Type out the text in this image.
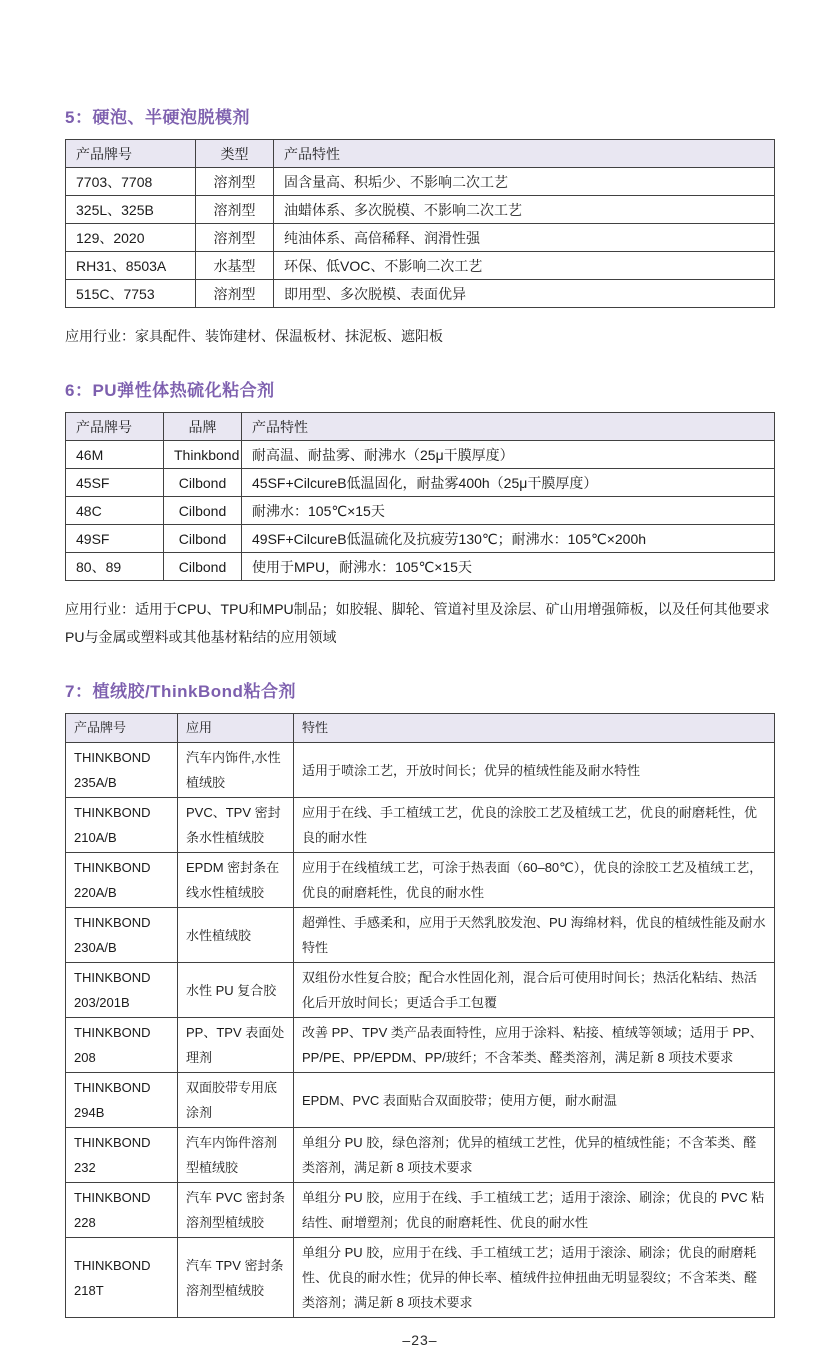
5：硬泡、半硬泡脱模剂
产品牌号	类型	产品特性
7703、7708	溶剂型	固含量高、积垢少、不影响二次工艺
325L、325B	溶剂型	油蜡体系、多次脱模、不影响二次工艺
129、2020	溶剂型	纯油体系、高倍稀释、润滑性强
RH31、8503A	水基型	环保、低VOC、不影响二次工艺
515C、7753	溶剂型	即用型、多次脱模、表面优异

应用行业：家具配件、装饰建材、保温板材、抹泥板、遮阳板

6：PU弹性体热硫化粘合剂
产品牌号	品牌	产品特性
46M	Thinkbond	耐高温、耐盐雾、耐沸水（25μ干膜厚度）
45SF	Cilbond	45SF+CilcureB低温固化，耐盐雾400h（25μ干膜厚度）
48C	Cilbond	耐沸水：105℃×15天
49SF	Cilbond	49SF+CilcureB低温硫化及抗疲劳130℃；耐沸水：105℃×200h
80、89	Cilbond	使用于MPU，耐沸水：105℃×15天

应用行业：适用于CPU、TPU和MPU制品；如胶辊、脚轮、管道衬里及涂层、矿山用增强筛板，以及任何其他要求PU与金属或塑料或其他基材粘结的应用领域

7：植绒胶/ThinkBond粘合剂
产品牌号	应用	特性
THINKBOND 235A/B	汽车内饰件,水性植绒胶	适用于喷涂工艺，开放时间长；优异的植绒性能及耐水特性
THINKBOND 210A/B	PVC、TPV 密封条水性植绒胶	应用于在线、手工植绒工艺，优良的涂胶工艺及植绒工艺，优良的耐磨耗性，优良的耐水性
THINKBOND 220A/B	EPDM 密封条在线水性植绒胶	应用于在线植绒工艺，可涂于热表面（60–80℃），优良的涂胶工艺及植绒工艺，优良的耐磨耗性，优良的耐水性
THINKBOND 230A/B	水性植绒胶	超弹性、手感柔和，应用于天然乳胶发泡、PU 海绵材料，优良的植绒性能及耐水特性
THINKBOND 203/201B	水性 PU 复合胶	双组份水性复合胶；配合水性固化剂，混合后可使用时间长；热活化粘结、热活化后开放时间长；更适合手工包覆
THINKBOND 208	PP、TPV 表面处理剂	改善 PP、TPV 类产品表面特性，应用于涂料、粘接、植绒等领域；适用于 PP、PP/PE、PP/EPDM、PP/玻纤；不含苯类、醛类溶剂，满足新 8 项技术要求
THINKBOND 294B	双面胶带专用底涂剂	EPDM、PVC 表面贴合双面胶带；使用方便，耐水耐温
THINKBOND 232	汽车内饰件溶剂型植绒胶	单组分 PU 胶，绿色溶剂；优异的植绒工艺性，优异的植绒性能；不含苯类、醛类溶剂，满足新 8 项技术要求
THINKBOND 228	汽车 PVC 密封条溶剂型植绒胶	单组分 PU 胶，应用于在线、手工植绒工艺；适用于滚涂、刷涂；优良的 PVC 粘结性、耐增塑剂；优良的耐磨耗性、优良的耐水性
THINKBOND 218T	汽车 TPV 密封条溶剂型植绒胶	单组分 PU 胶，应用于在线、手工植绒工艺；适用于滚涂、刷涂；优良的耐磨耗性、优良的耐水性；优异的伸长率、植绒件拉伸扭曲无明显裂纹；不含苯类、醛类溶剂；满足新 8 项技术要求
–23–
